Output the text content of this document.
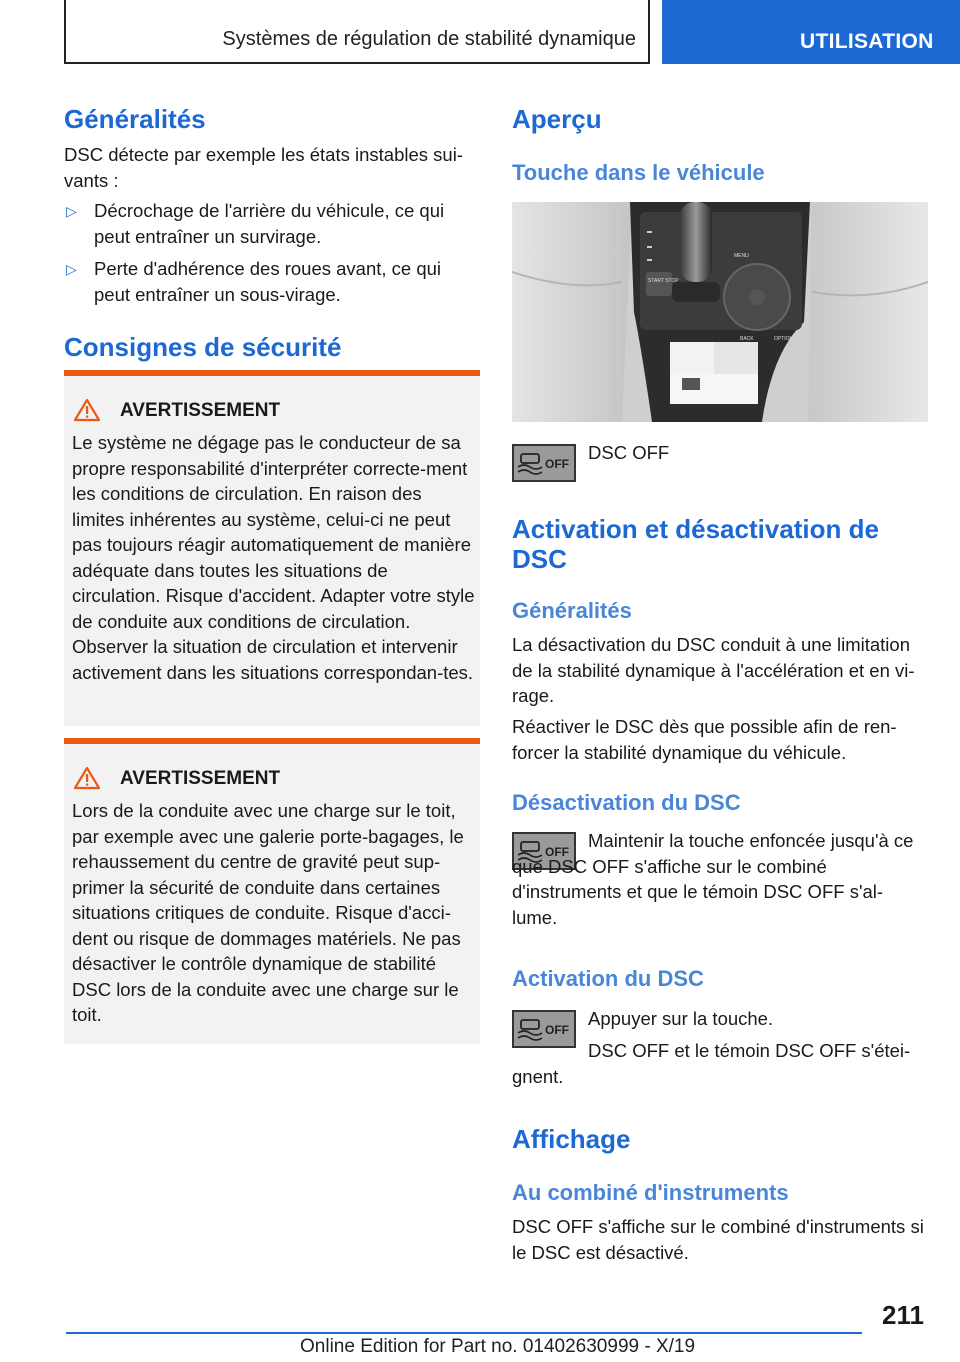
Systèmes de régulation de stabilité dynamique	UTILISATION
Généralités
DSC détecte par exemple les états instables sui-vants :
▷ Décrochage de l'arrière du véhicule, ce qui peut entraîner un survirage.
▷ Perte d'adhérence des roues avant, ce qui peut entraîner un sous-virage.
Consignes de sécurité
AVERTISSEMENT
Le système ne dégage pas le conducteur de sa propre responsabilité d'interpréter correcte-ment les conditions de circulation. En raison des limites inhérentes au système, celui-ci ne peut pas toujours réagir automatiquement de manière adéquate dans toutes les situations de circulation. Risque d'accident. Adapter votre style de conduite aux conditions de circulation. Observer la situation de circulation et intervenir activement dans les situations correspondan-tes.
AVERTISSEMENT
Lors de la conduite avec une charge sur le toit, par exemple avec une galerie porte-bagages, le rehaussement du centre de gravité peut sup-primer la sécurité de conduite dans certaines situations critiques de conduite. Risque d'acci-dent ou risque de dommages matériels. Ne pas désactiver le contrôle dynamique de stabilité DSC lors de la conduite avec une charge sur le toit.
Aperçu
Touche dans le véhicule
START STOP
MENU
BACK	OPTION
OFF
DSC OFF
Activation et désactivation de DSC
Généralités
La désactivation du DSC conduit à une limitation de la stabilité dynamique à l'accélération et en vi-rage.
Réactiver le DSC dès que possible afin de ren-forcer la stabilité dynamique du véhicule.
Désactivation du DSC
OFF
Maintenir la touche enfoncée jusqu'à ce que DSC OFF s'affiche sur le combiné d'instruments et que le témoin DSC OFF s'al-lume.
Activation du DSC
OFF
Appuyer sur la touche.
DSC OFF et le témoin DSC OFF s'étei-gnent.
Affichage
Au combiné d'instruments
DSC OFF s'affiche sur le combiné d'instruments si le DSC est désactivé.
211
Online Edition for Part no. 01402630999 - X/19
